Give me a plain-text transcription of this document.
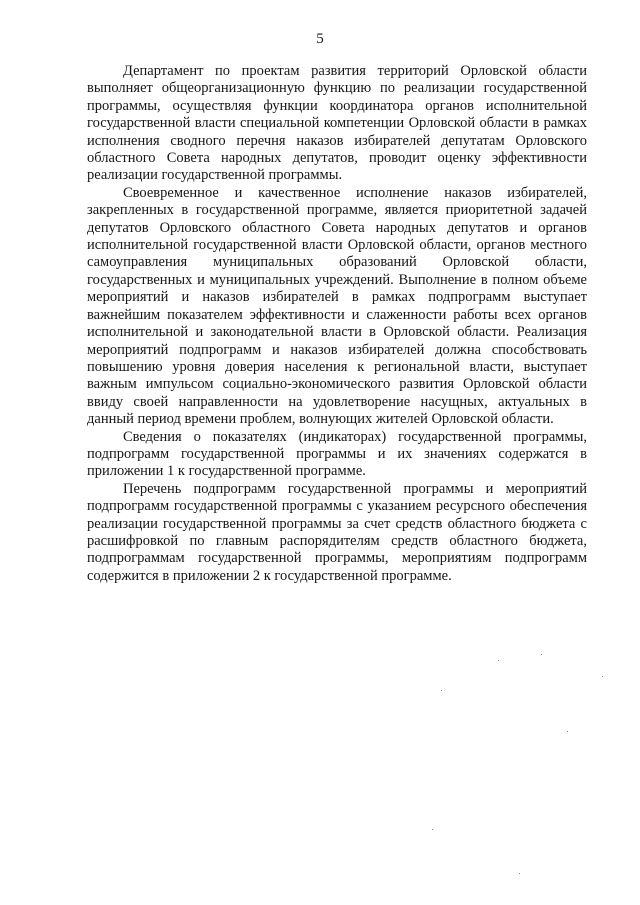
5

Департамент по проектам развития территорий Орловской области выполняет общеорганизационную функцию по реализации государственной программы, осуществляя функции координатора органов исполнительной государственной власти специальной компетенции Орловской области в рамках исполнения сводного перечня наказов избирателей депутатам Орловского областного Совета народных депутатов, проводит оценку эффективности реализации государственной программы.

Своевременное и качественное исполнение наказов избирателей, закрепленных в государственной программе, является приоритетной задачей депутатов Орловского областного Совета народных депутатов и органов исполнительной государственной власти Орловской области, органов местного самоуправления муниципальных образований Орловской области, государственных и муниципальных учреждений. Выполнение в полном объеме мероприятий и наказов избирателей в рамках подпрограмм выступает важнейшим показателем эффективности и слаженности работы всех органов исполнительной и законодательной власти в Орловской области. Реализация мероприятий подпрограмм и наказов избирателей должна способствовать повышению уровня доверия населения к региональной власти, выступает важным импульсом социально-экономического развития Орловской области ввиду своей направленности на удовлетворение насущных, актуальных в данный период времени проблем, волнующих жителей Орловской области.

Сведения о показателях (индикаторах) государственной программы, подпрограмм государственной программы и их значениях содержатся в приложении 1 к государственной программе.

Перечень подпрограмм государственной программы и мероприятий подпрограмм государственной программы с указанием ресурсного обеспечения реализации государственной программы за счет средств областного бюджета с расшифровкой по главным распорядителям средств областного бюджета, подпрограммам государственной программы, мероприятиям подпрограмм содержится в приложении 2 к государственной программе.
